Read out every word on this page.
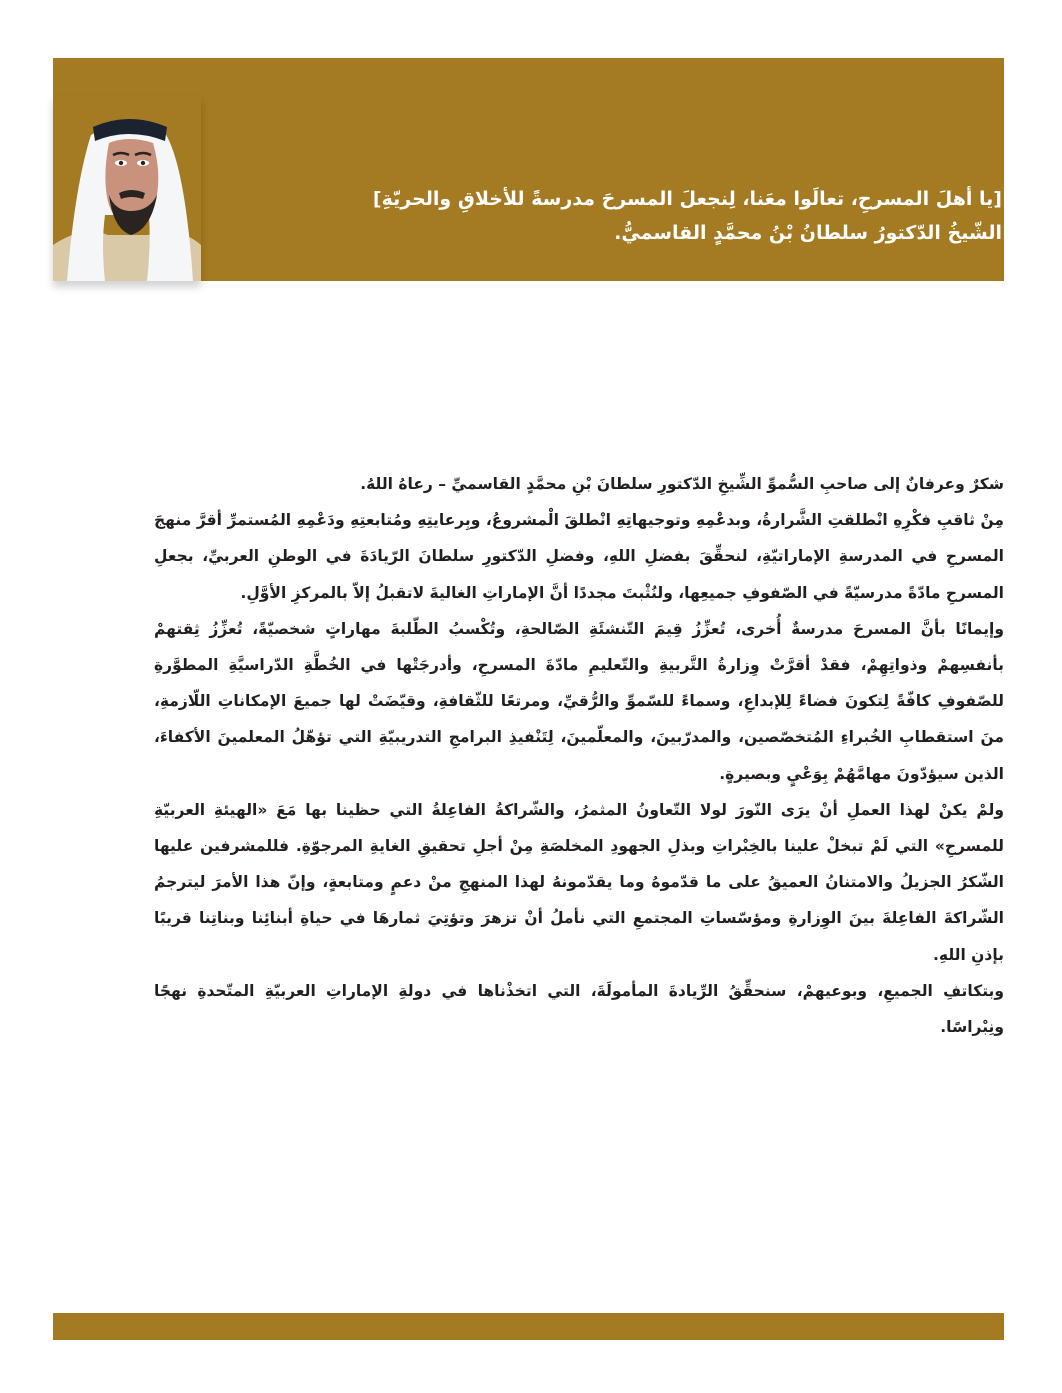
[يا أهلَ المسرحِ، تعالَوا معَنا، لِنجعلَ المسرحَ مدرسةً للأخلاقِ والحريّةِ]
الشّيخُ الدّكتورُ سلطانُ بْنُ محمَّدٍ القاسميُّ.

شكرٌ وعرفانٌ إلى صاحبِ السُّموِّ الشِّيخِ الدّكتورِ سلطانَ بْنِ محمَّدٍ القاسميِّ – رعاهُ اللهُ.

مِنْ ثاقبِ فكْرِهِ انْطلقتِ الشَّرارةُ، وبدعْمِهِ وتوجيهاتِهِ انْطلقَ الْمشروعُ، وبِرعايتِهِ ومُتابعتِهِ ودَعْمِهِ المُستمرِّ أقرَّ منهجَ المسرحِ في المدرسةِ الإماراتيّةِ، لنحقِّقَ بفضلِ اللهِ، وفضلِ الدّكتورِ سلطانَ الرّيادَةَ في الوطنِ العربيِّ، بجعلِ المسرحِ مادّةً مدرسيّةً في الصّفوفِ جميعِها، ولنُثْبتَ مجددًا أنَّ الإماراتِ الغاليةَ لاتقبلُ إلاّ بالمركزِ الأوَّلِ.

وإيمانًا بأنَّ المسرحَ مدرسةٌ أُخرى، تُعزِّزُ قِيمَ التّنشئَةِ الصّالحةِ، وتُكْسبُ الطّلبةَ مهاراتٍ شخصيّةً، تُعزِّزُ ثِقتهمْ بأنفسِهمْ وذواتِهِمْ، فقدْ أقرَّتْ وِزارةُ التَّربيةِ والتّعليمِ مادّةَ المسرحِ، وأدرجَتْها في الخُطَّةِ الدّراسيَّةِ المطوَّرةِ للصّفوفِ كافّةً لِتكونَ فضاءً لِلإبداعِ، وسماءً للسّموِّ والرُّقيِّ، ومرتعًا للثّقافةِ، وقيّضَتْ لها جميعَ الإمكاناتِ اللّازمةِ، منَ استقطابِ الخُبراءِ المُتخصّصين، والمدرّبينَ، والمعلّمينَ، لِتَنْفيذِ البرامجِ التدريبيّةِ التي تؤهّلُ المعلمينَ الأكفاءَ، الذين سيؤدّونَ مهامَّهُمْ بِوَعْيٍ وبصيرةٍ.

ولمْ يكنْ لهذا العملِ أنْ يرَى النّورَ لولا التّعاونُ المثمرُ، والشّراكةُ الفاعِلةُ التي حظينا بها مَعَ «الهيئةِ العربيّةِ للمسرحِ» التي لَمْ تبخلْ علينا بالخِبْراتِ وبذلِ الجهودِ المخلصَةِ مِنْ أجلِ تحقيقِ الغايةِ المرجوّةِ. فللمشرفين عليها الشّكرُ الجزيلُ والامتنانُ العميقُ على ما قدّموهُ وما يقدّمونهُ لهذا المنهجِ منْ دعمٍ ومتابعةٍ، وإنّ هذا الأمرَ ليترجمُ الشّراكةَ الفاعِلةَ بينَ الوِزارةِ ومؤسّساتِ المجتمعِ التي نأملُ أنْ تزهرَ وتؤتِيَ ثمارهَا في حياةِ أبنائِنا وبناتِنا قريبًا بإذنِ اللهِ.

وبتكاتفِ الجميعِ، وبوعيهمْ، سنحقِّقُ الرِّيادةَ المأمولَةَ، التي اتخذْناها في دولةِ الإماراتِ العربيّةِ المتّحدةِ نهجًا ونِبْراسًا.
